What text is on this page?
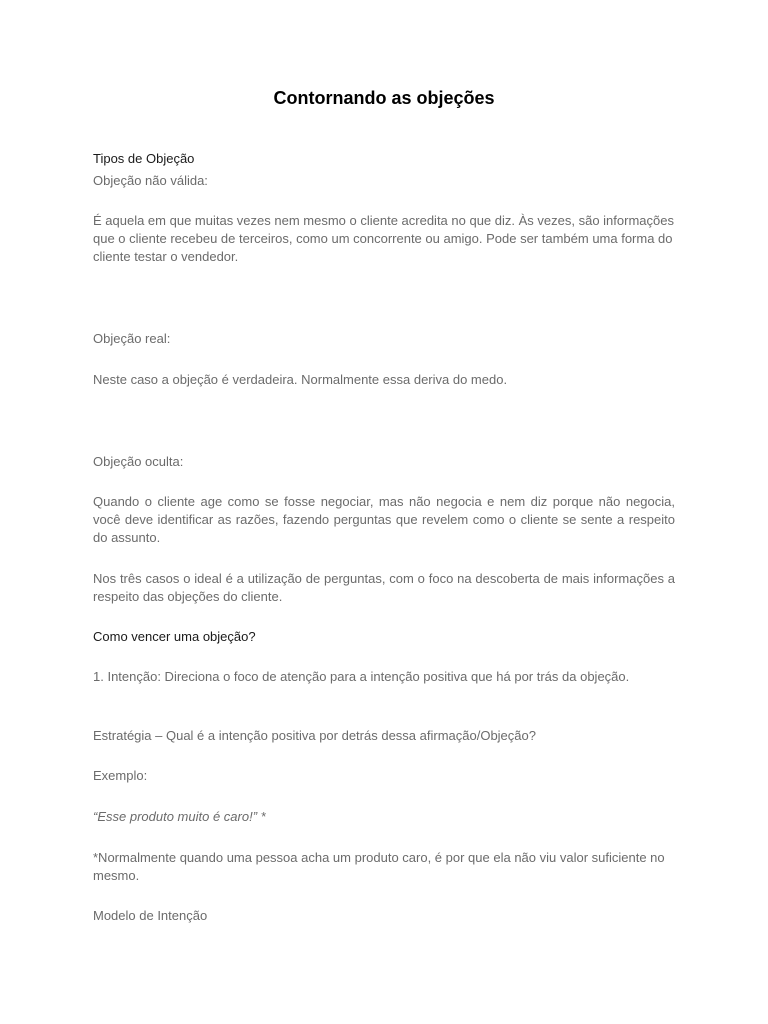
Contornando as objeções

Tipos de Objeção

Objeção não válida:

É aquela em que muitas vezes nem mesmo o cliente acredita no que diz. Às vezes, são informações que o cliente recebeu de terceiros, como um concorrente ou amigo. Pode ser também uma forma do cliente testar o vendedor.

Objeção real:

Neste caso a objeção é verdadeira. Normalmente essa deriva do medo.

Objeção oculta:

Quando o cliente age como se fosse negociar, mas não negocia e nem diz porque não negocia, você deve identificar as razões, fazendo perguntas que revelem como o cliente se sente a respeito do assunto.

Nos três casos o ideal é a utilização de perguntas, com o foco na descoberta de mais informações a respeito das objeções do cliente.

Como vencer uma objeção?

1. Intenção: Direciona o foco de atenção para a intenção positiva que há por trás da objeção.

Estratégia – Qual é a intenção positiva por detrás dessa afirmação/Objeção?

Exemplo:

“Esse produto muito é caro!” *

*Normalmente quando uma pessoa acha um produto caro, é por que ela não viu valor suficiente no mesmo.

Modelo de Intenção
